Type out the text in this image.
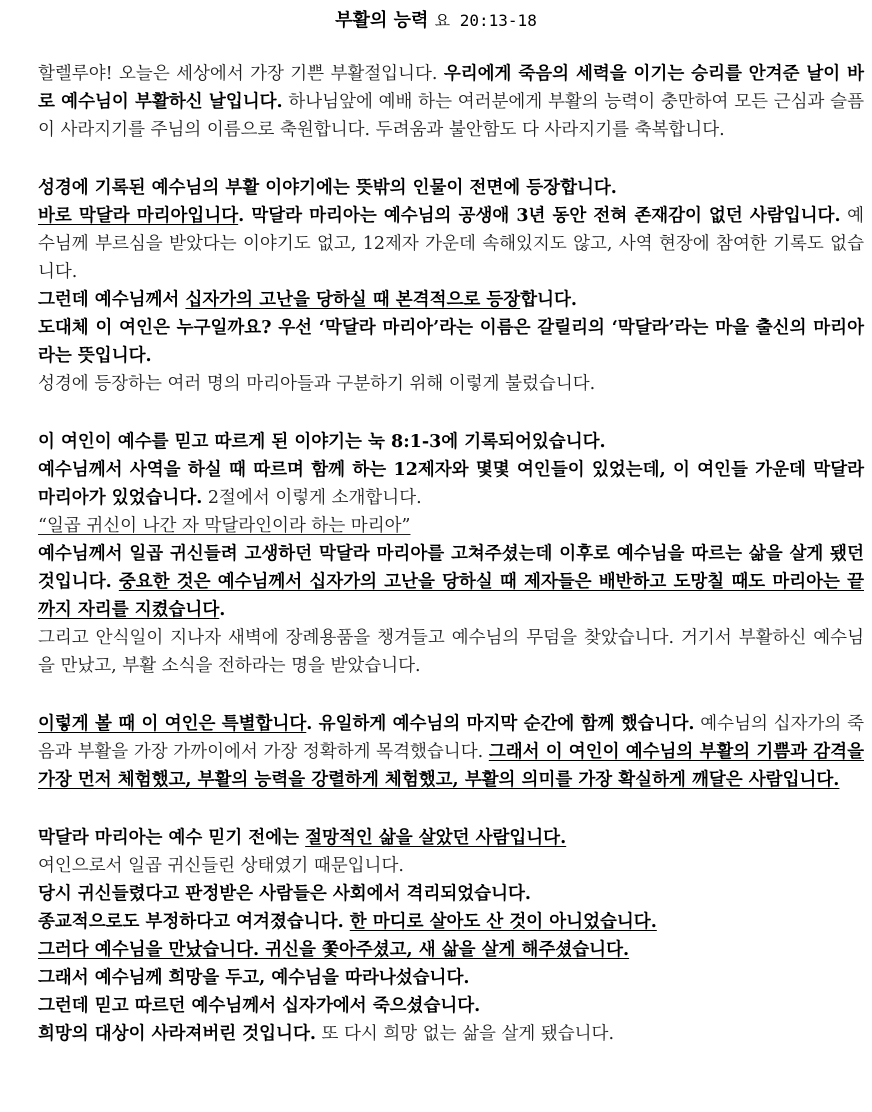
부활의 능력 요 20:13-18

할렐루야! 오늘은 세상에서 가장 기쁜 부활절입니다. 우리에게 죽음의 세력을 이기는 승리를 안겨준 날이 바로 예수님이 부활하신 날입니다. 하나님앞에 예배 하는 여러분에게 부활의 능력이 충만하여 모든 근심과 슬픔이 사라지기를 주님의 이름으로 축원합니다. 두려움과 불안함도 다 사라지기를 축복합니다.

성경에 기록된 예수님의 부활 이야기에는 뜻밖의 인물이 전면에 등장합니다.
바로 막달라 마리아입니다. 막달라 마리아는 예수님의 공생애 3년 동안 전혀 존재감이 없던 사람입니다. 예수님께 부르심을 받았다는 이야기도 없고, 12제자 가운데 속해있지도 않고, 사역 현장에 참여한 기록도 없습니다.
그런데 예수님께서 십자가의 고난을 당하실 때 본격적으로 등장합니다.
도대체 이 여인은 누구일까요? 우선 ‘막달라 마리아’라는 이름은 갈릴리의 ‘막달라’라는 마을 출신의 마리아라는 뜻입니다.
성경에 등장하는 여러 명의 마리아들과 구분하기 위해 이렇게 불렀습니다.

이 여인이 예수를 믿고 따르게 된 이야기는 눅 8:1-3에 기록되어있습니다.
예수님께서 사역을 하실 때 따르며 함께 하는 12제자와 몇몇 여인들이 있었는데, 이 여인들 가운데 막달라 마리아가 있었습니다. 2절에서 이렇게 소개합니다.
“일곱 귀신이 나간 자 막달라인이라 하는 마리아”
예수님께서 일곱 귀신들려 고생하던 막달라 마리아를 고쳐주셨는데 이후로 예수님을 따르는 삶을 살게 됐던 것입니다. 중요한 것은 예수님께서 십자가의 고난을 당하실 때 제자들은 배반하고 도망칠 때도 마리아는 끝까지 자리를 지켰습니다.
그리고 안식일이 지나자 새벽에 장례용품을 챙겨들고 예수님의 무덤을 찾았습니다. 거기서 부활하신 예수님을 만났고, 부활 소식을 전하라는 명을 받았습니다.

이렇게 볼 때 이 여인은 특별합니다. 유일하게 예수님의 마지막 순간에 함께 했습니다. 예수님의 십자가의 죽음과 부활을 가장 가까이에서 가장 정확하게 목격했습니다. 그래서 이 여인이 예수님의 부활의 기쁨과 감격을 가장 먼저 체험했고, 부활의 능력을 강렬하게 체험했고, 부활의 의미를 가장 확실하게 깨달은 사람입니다.

막달라 마리아는 예수 믿기 전에는 절망적인 삶을 살았던 사람입니다.
여인으로서 일곱 귀신들린 상태였기 때문입니다.
당시 귀신들렸다고 판정받은 사람들은 사회에서 격리되었습니다.
종교적으로도 부정하다고 여겨졌습니다. 한 마디로 살아도 산 것이 아니었습니다.
그러다 예수님을 만났습니다. 귀신을 쫓아주셨고, 새 삶을 살게 해주셨습니다.
그래서 예수님께 희망을 두고, 예수님을 따라나섰습니다.
그런데 믿고 따르던 예수님께서 십자가에서 죽으셨습니다.
희망의 대상이 사라져버린 것입니다. 또 다시 희망 없는 삶을 살게 됐습니다.
